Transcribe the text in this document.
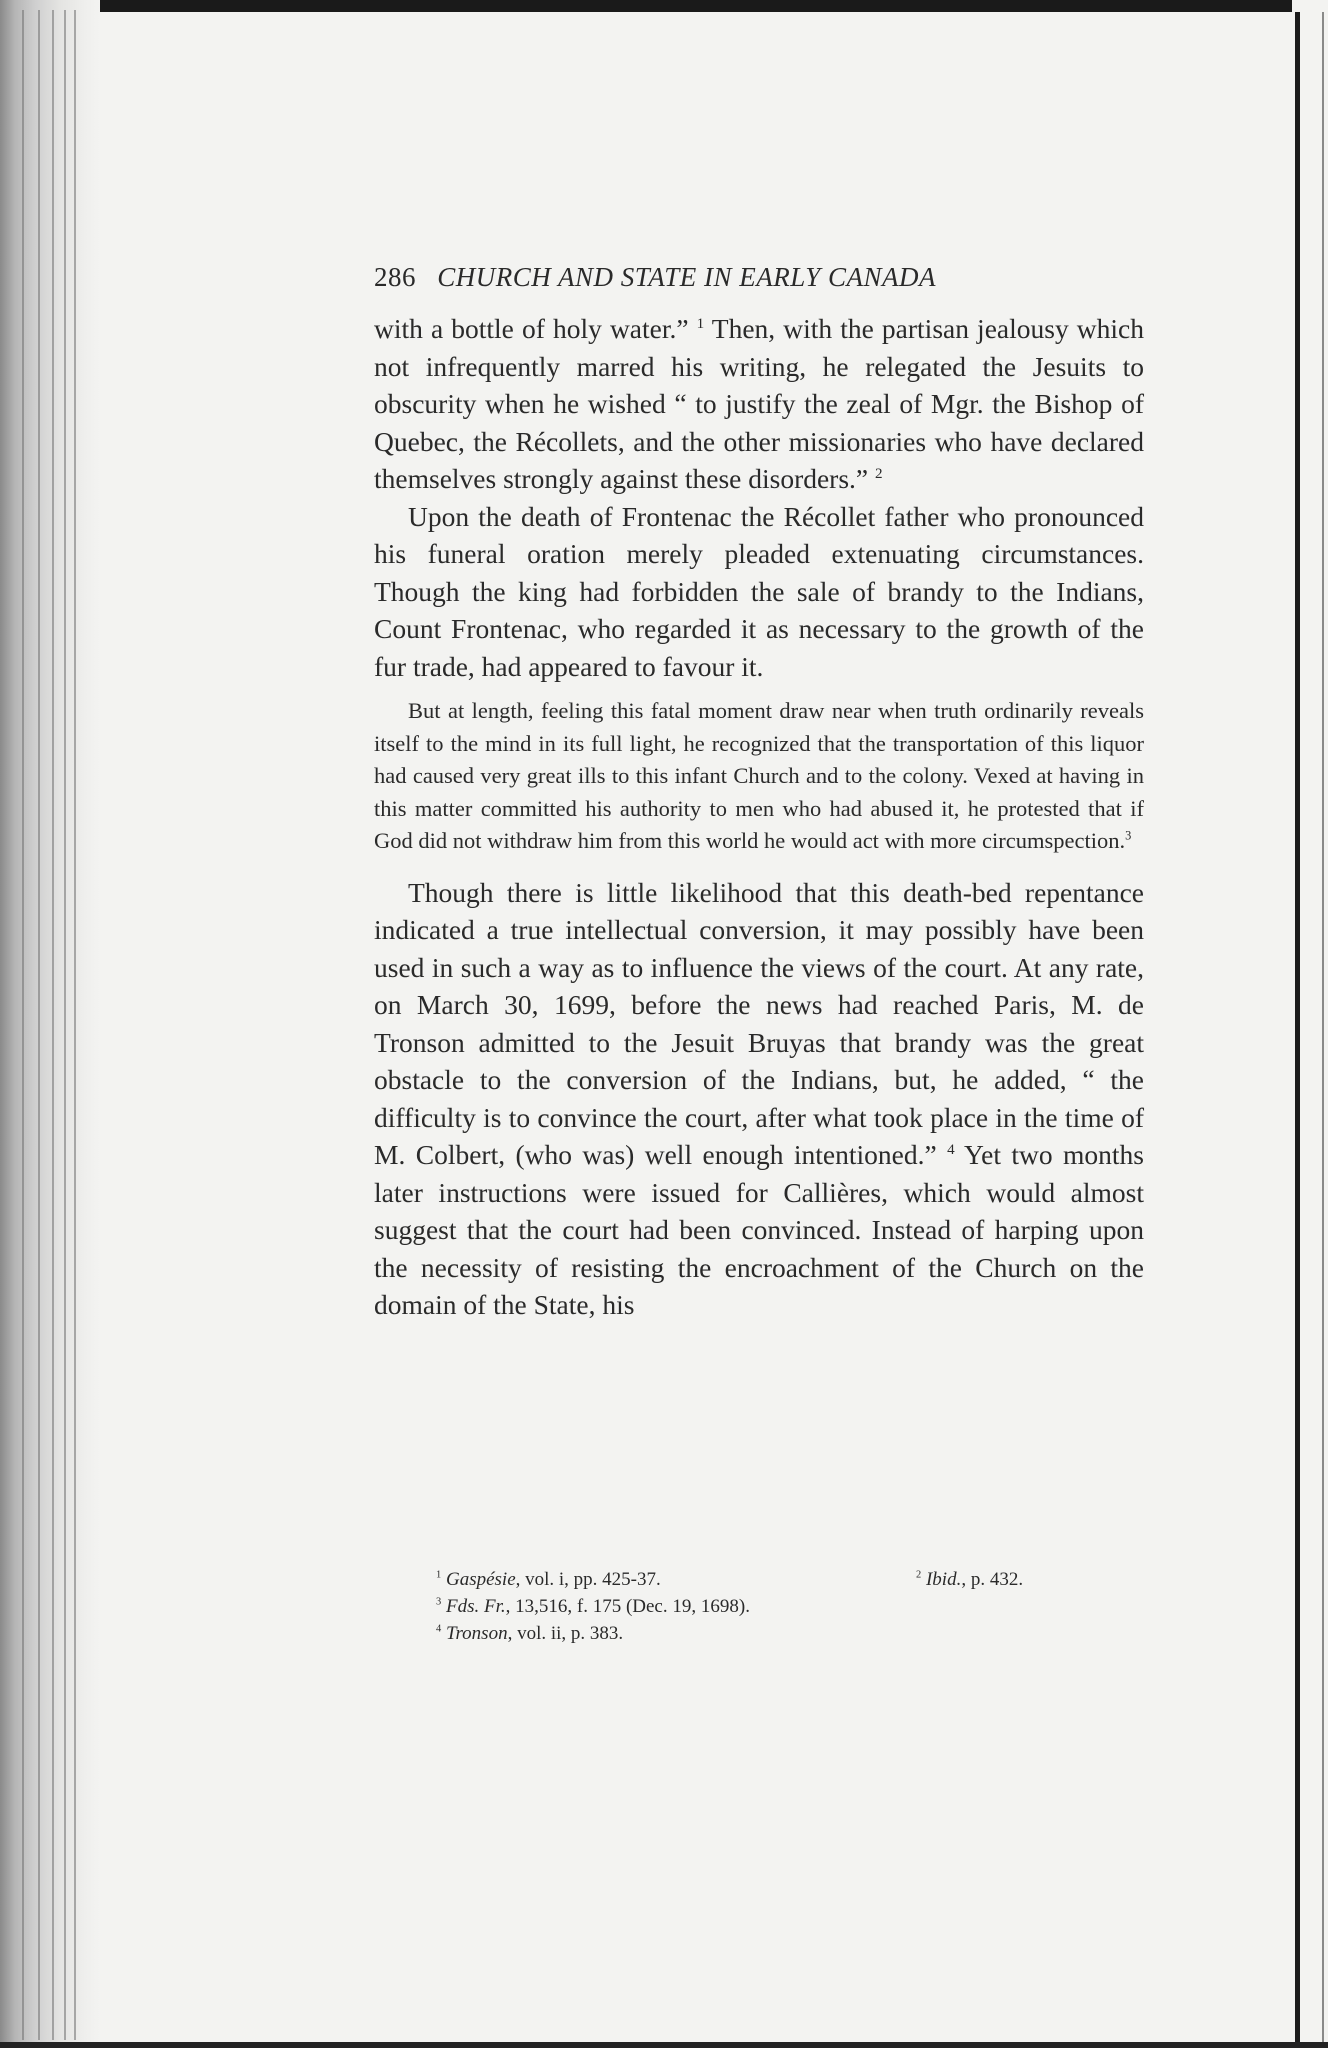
286 CHURCH AND STATE IN EARLY CANADA

with a bottle of holy water.” $^1$ Then, with the partisan jealousy which not infrequently marred his writing, he relegated the Jesuits to obscurity when he wished “ to justify the zeal of Mgr. the Bishop of Quebec, the Récollets, and the other missionaries who have declared themselves strongly against these disorders.” $^2$

Upon the death of Frontenac the Récollet father who pronounced his funeral oration merely pleaded extenuating circumstances. Though the king had forbidden the sale of brandy to the Indians, Count Frontenac, who regarded it as necessary to the growth of the fur trade, had appeared to favour it.

But at length, feeling this fatal moment draw near when truth ordinarily reveals itself to the mind in its full light, he recognized that the transportation of this liquor had caused very great ills to this infant Church and to the colony. Vexed at having in this matter committed his authority to men who had abused it, he protested that if God did not withdraw him from this world he would act with more circumspection.$^3$

Though there is little likelihood that this death-bed repentance indicated a true intellectual conversion, it may possibly have been used in such a way as to influence the views of the court. At any rate, on March 30, 1699, before the news had reached Paris, M. de Tronson admitted to the Jesuit Bruyas that brandy was the great obstacle to the conversion of the Indians, but, he added, “ the difficulty is to convince the court, after what took place in the time of M. Colbert, (who was) well enough intentioned.” $^4$ Yet two months later instructions were issued for Callières, which would almost suggest that the court had been convinced. Instead of harping upon the necessity of resisting the encroachment of the Church on the domain of the State, his

$^1$ Gaspésie, vol. i, pp. 425-37.	$^2$ Ibid., p. 432.
$^3$ Fds. Fr., 13,516, f. 175 (Dec. 19, 1698).
$^4$ Tronson, vol. ii, p. 383.
